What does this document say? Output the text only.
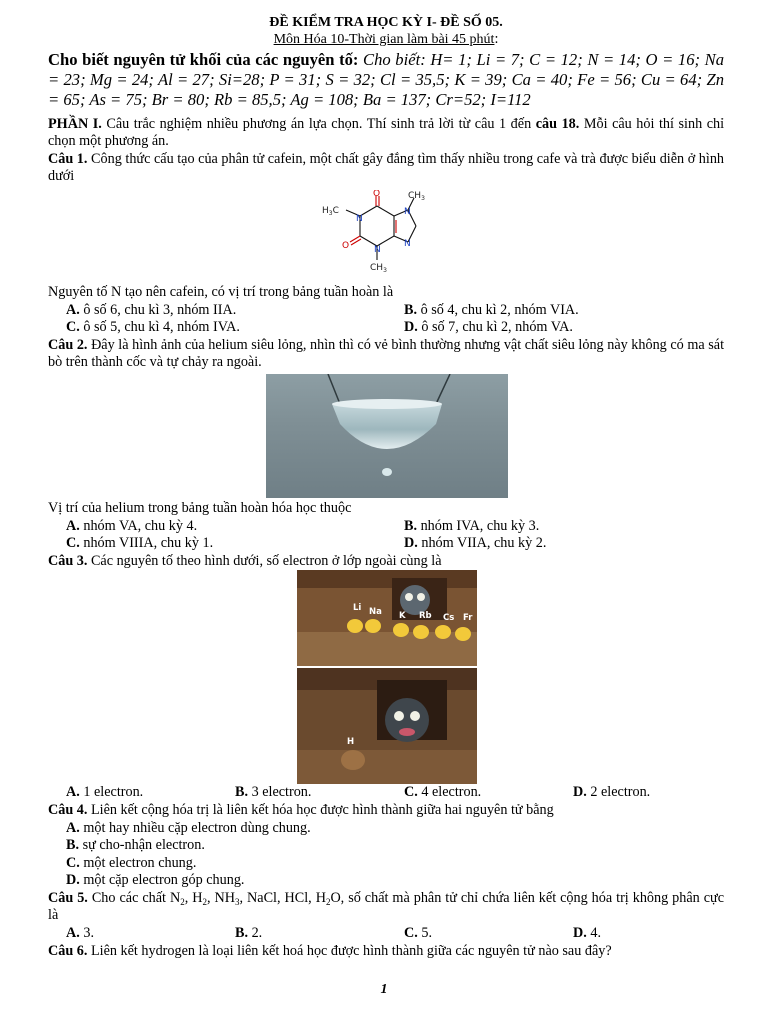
ĐỀ KIỂM TRA HỌC KỲ I- ĐỀ SỐ 05.
Môn Hóa 10-Thời gian làm bài 45 phút:
Cho biết nguyên tử khối của các nguyên tố: Cho biết: H= 1; Li = 7; C = 12; N = 14; O = 16; Na = 23; Mg = 24; Al = 27; Si=28; P = 31; S = 32; Cl = 35,5; K = 39; Ca = 40; Fe = 56; Cu = 64; Zn = 65; As = 75; Br = 80; Rb = 85,5; Ag = 108; Ba = 137; Cr=52; I=112

PHẦN I. Câu trắc nghiệm nhiều phương án lựa chọn. Thí sinh trả lời từ câu 1 đến câu 18. Mỗi câu hỏi thí sinh chỉ chọn một phương án.

Câu 1. Công thức cấu tạo của phân tử cafein, một chất gây đắng tìm thấy nhiều trong cafe và trà được biểu diễn ở hình dưới

$H_3C$
O
N
O	N
N
N
$CH_3$
$CH_3$

Nguyên tố N tạo nên cafein, có vị trí trong bảng tuần hoàn là

A. ô số 6, chu kì 3, nhóm IIA.	B. ô số 4, chu kì 2, nhóm VIA.
C. ô số 5, chu kì 4, nhóm IVA.	D. ô số 7, chu kì 2, nhóm VA.

Câu 2. Đây là hình ảnh của helium siêu lỏng, nhìn thì có vẻ bình thường nhưng vật chất siêu lỏng này không có ma sát bò trên thành cốc và tự chảy ra ngoài.

Vị trí của helium trong bảng tuần hoàn hóa học thuộc

A. nhóm VA, chu kỳ 4.	B. nhóm IVA, chu kỳ 3.
C. nhóm VIIIA, chu kỳ 1.	D. nhóm VIIA, chu kỳ 2.

Câu 3. Các nguyên tố theo hình dưới, số electron ở lớp ngoài cùng là

Li Na K Rb Cs Fr
H
A. 1 electron.	B. 3 electron.	C. 4 electron.	D. 2 electron.

Câu 4. Liên kết cộng hóa trị là liên kết hóa học được hình thành giữa hai nguyên tử bằng

A. một hay nhiều cặp electron dùng chung.
B. sự cho-nhận electron.
C. một electron chung.
D. một cặp electron góp chung.

Câu 5. Cho các chất $N_2$, $H_2$, $NH_3$, NaCl, HCl, $H_2O$, số chất mà phân tử chỉ chứa liên kết cộng hóa trị không phân cực là

A. 3.	B. 2.	C. 5.	D. 4.

Câu 6. Liên kết hydrogen là loại liên kết hoá học được hình thành giữa các nguyên tử nào sau đây?

1
